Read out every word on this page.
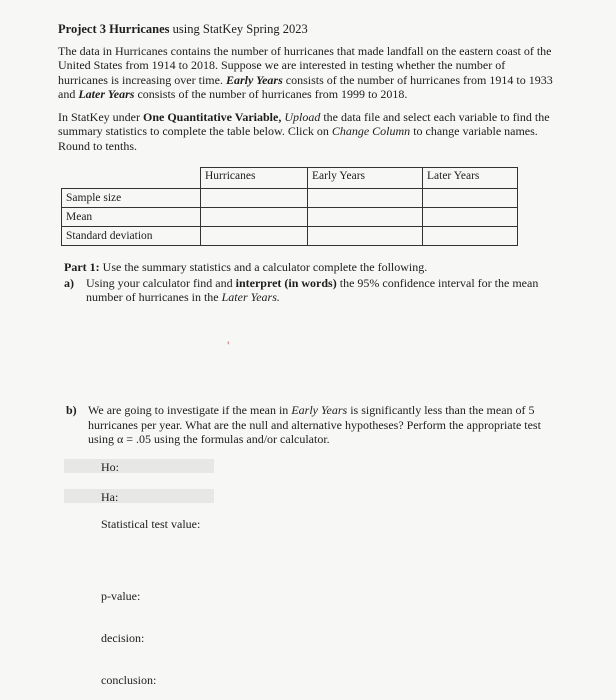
Project 3 Hurricanes using StatKey Spring 2023
The data in Hurricanes contains the number of hurricanes that made landfall on the eastern coast of the United States from 1914 to 2018. Suppose we are interested in testing whether the number of hurricanes is increasing over time. Early Years consists of the number of hurricanes from 1914 to 1933 and Later Years consists of the number of hurricanes from 1999 to 2018.
In StatKey under One Quantitative Variable, Upload the data file and select each variable to find the summary statistics to complete the table below. Click on Change Column to change variable names. Round to tenths.
	Hurricanes	Early Years	Later Years
Sample size			
Mean			
Standard deviation			
Part 1: Use the summary statistics and a calculator complete the following.
a) Using your calculator find and interpret (in words) the 95% confidence interval for the mean number of hurricanes in the Later Years.
‹
b) We are going to investigate if the mean in Early Years is significantly less than the mean of 5 hurricanes per year. What are the null and alternative hypotheses? Perform the appropriate test using α = .05 using the formulas and/or calculator.
Ho:
Ha:
Statistical test value:
p-value:
decision:
conclusion:
